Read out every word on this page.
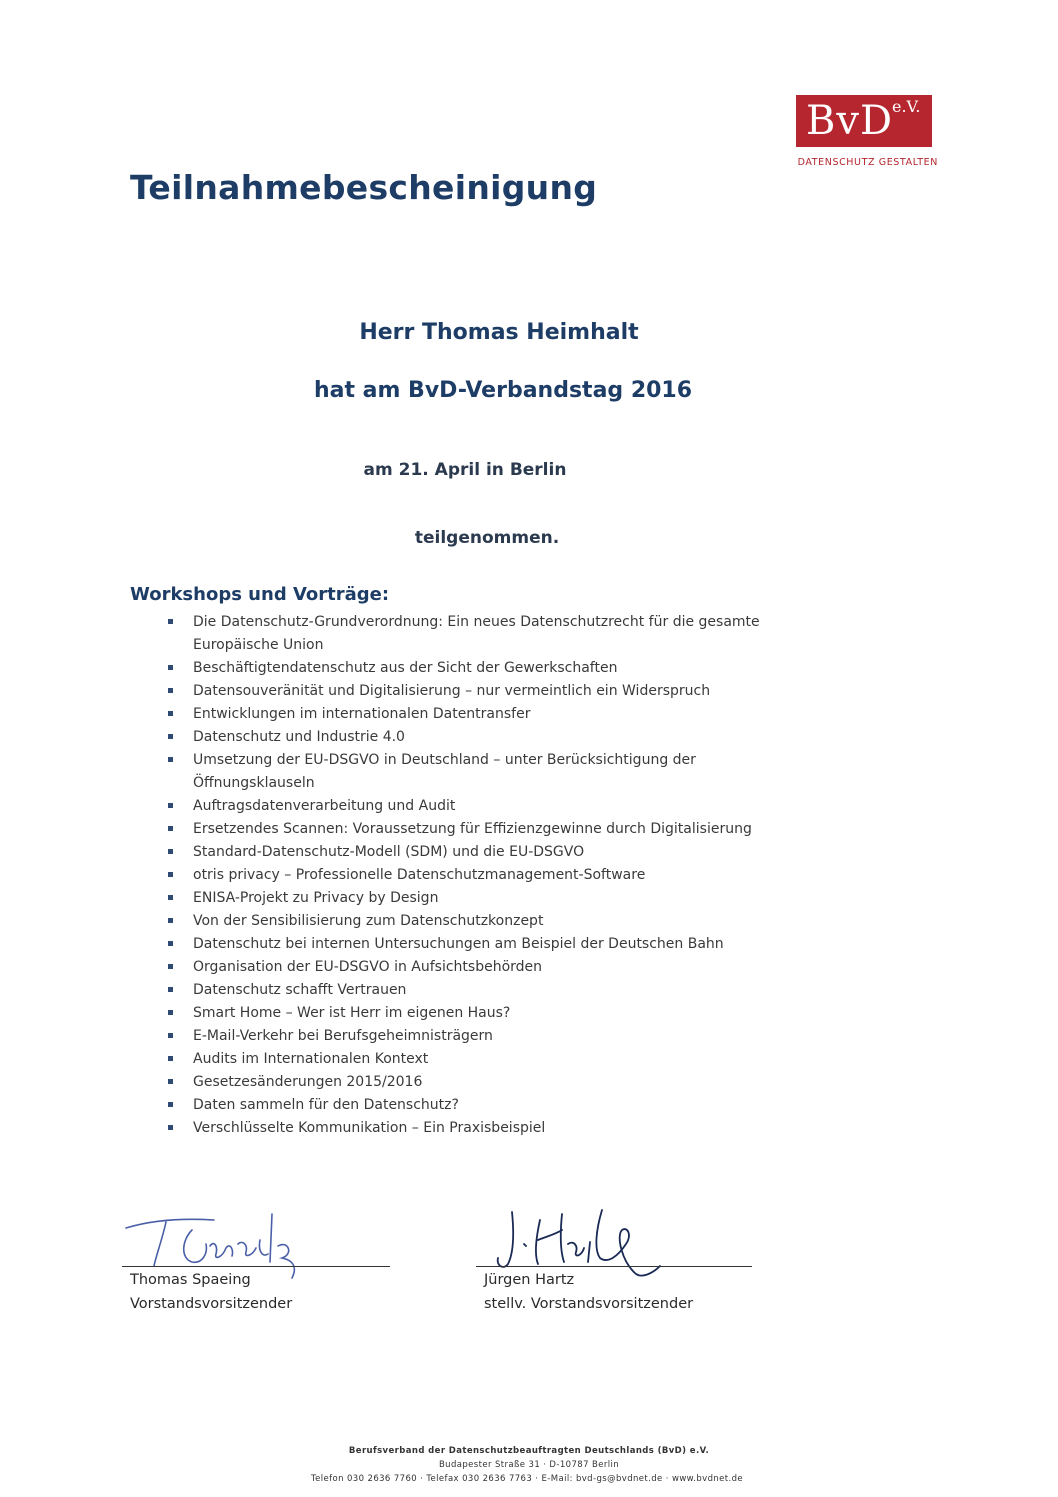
BvD
e.V.
DATENSCHUTZ GESTALTEN
Teilnahmebescheinigung
Herr Thomas Heimhalt
hat am BvD-Verbandstag 2016
am 21. April in Berlin
teilgenommen.
Workshops und Vorträge:
Die Datenschutz-Grundverordnung: Ein neues Datenschutzrecht für die gesamte
Europäische Union
Beschäftigtendatenschutz aus der Sicht der Gewerkschaften
Datensouveränität und Digitalisierung – nur vermeintlich ein Widerspruch
Entwicklungen im internationalen Datentransfer
Datenschutz und Industrie 4.0
Umsetzung der EU-DSGVO in Deutschland – unter Berücksichtigung der
Öffnungsklauseln
Auftragsdatenverarbeitung und Audit
Ersetzendes Scannen: Voraussetzung für Effizienzgewinne durch Digitalisierung
Standard-Datenschutz-Modell (SDM) und die EU-DSGVO
otris privacy – Professionelle Datenschutzmanagement-Software
ENISA-Projekt zu Privacy by Design
Von der Sensibilisierung zum Datenschutzkonzept
Datenschutz bei internen Untersuchungen am Beispiel der Deutschen Bahn
Organisation der EU-DSGVO in Aufsichtsbehörden
Datenschutz schafft Vertrauen
Smart Home – Wer ist Herr im eigenen Haus?
E-Mail-Verkehr bei Berufsgeheimnisträgern
Audits im Internationalen Kontext
Gesetzesänderungen 2015/2016
Daten sammeln für den Datenschutz?
Verschlüsselte Kommunikation – Ein Praxisbeispiel
Thomas Spaeing
Vorstandsvorsitzender
Jürgen Hartz
stellv. Vorstandsvorsitzender
Berufsverband der Datenschutzbeauftragten Deutschlands (BvD) e.V.
Budapester Straße 31 · D-10787 Berlin
Telefon 030 2636 7760 · Telefax 030 2636 7763 · E-Mail: bvd-gs@bvdnet.de · www.bvdnet.de
